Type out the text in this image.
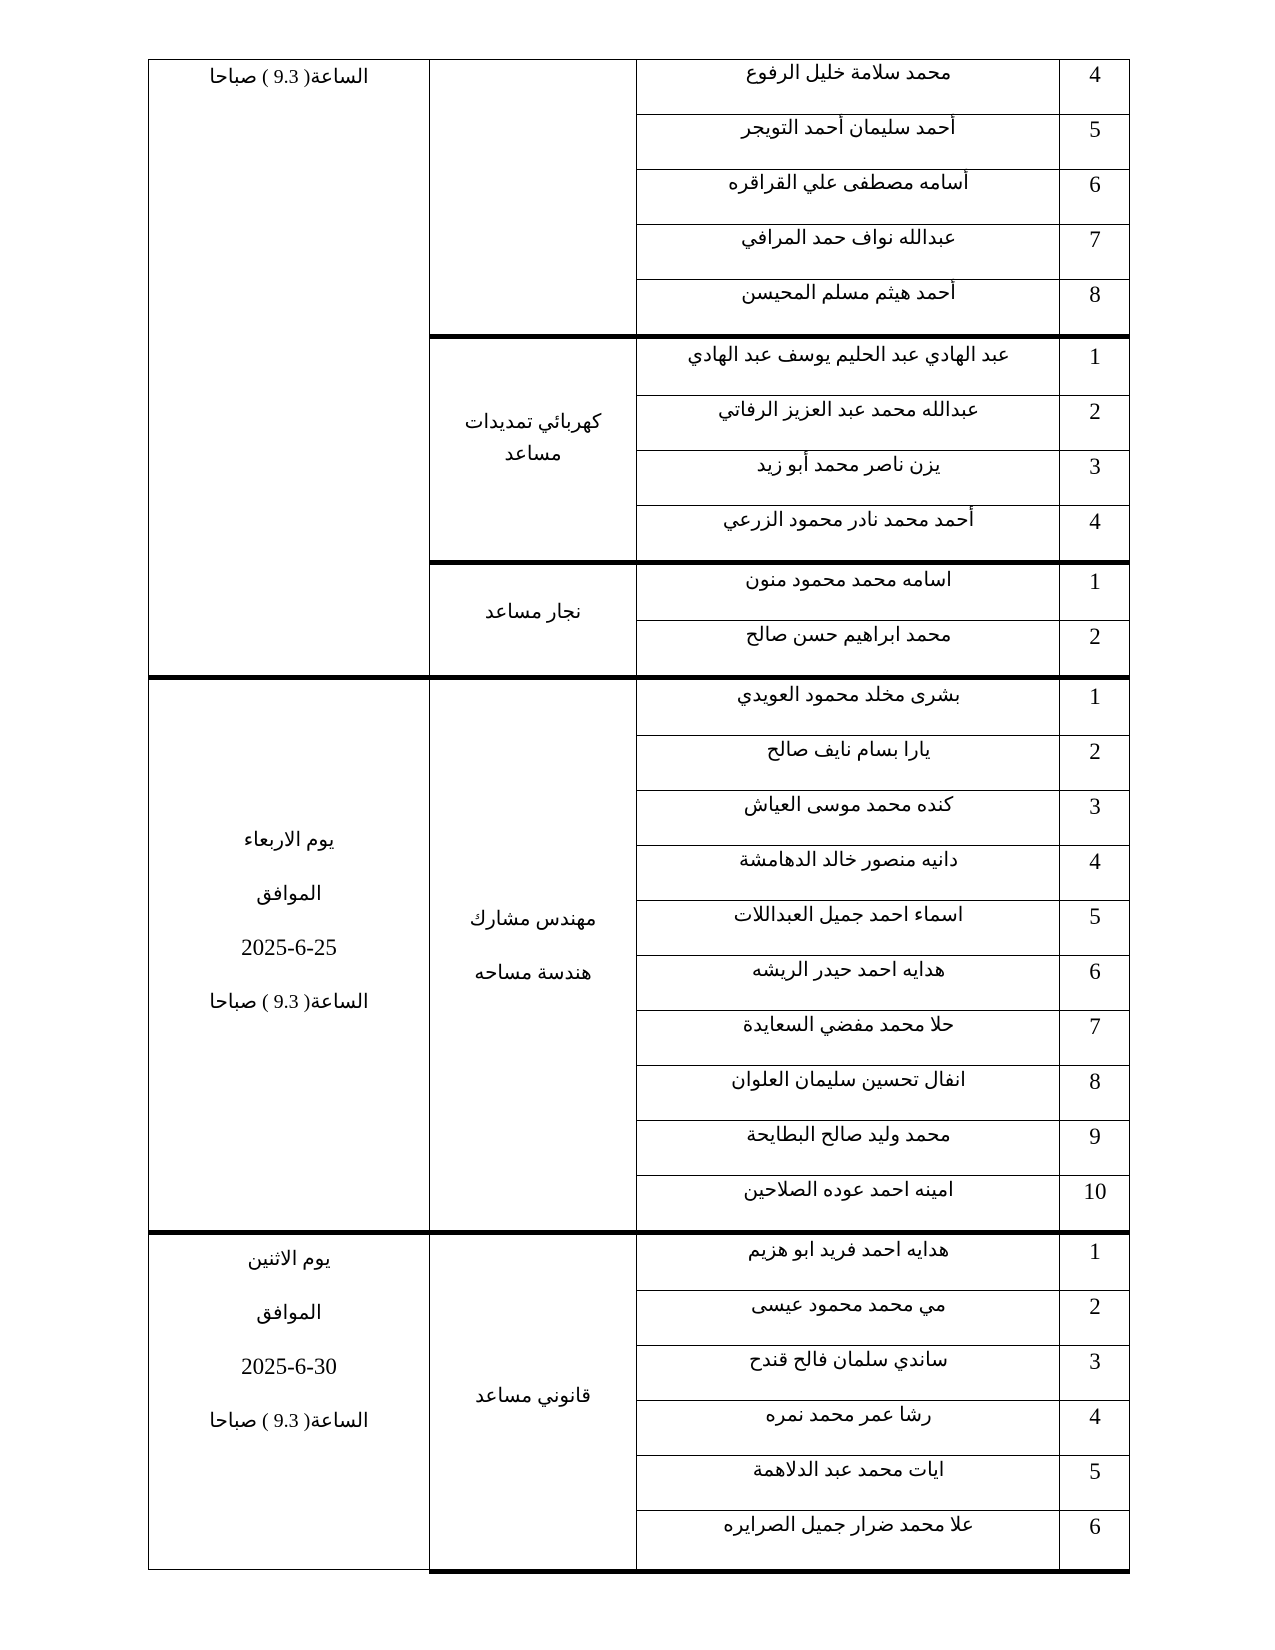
الساعة( 9.3 ) صباحا	4
محمد سلامة خليل الرفوع
5
أحمد سليمان أحمد التويجر
6
أسامه مصطفى علي القراقره
7
عبدالله نواف حمد المرافي
8
أحمد هيثم مسلم المحيسن
كهربائي تمديدات
مساعد
1
عبد الهادي عبد الحليم يوسف عبد الهادي
2
عبدالله محمد عبد العزيز الرفاتي
3
يزن ناصر محمد أبو زيد
4
أحمد محمد نادر محمود الزرعي
نجار مساعد
1
اسامه محمد محمود منون
2
محمد ابراهيم حسن صالح
يوم الاربعاء
الموافق
2025-6-25
الساعة( 9.3 ) صباحا
مهندس مشارك
هندسة مساحه
1
بشرى مخلد محمود العويدي
2
يارا بسام نايف صالح
3
كنده محمد موسى العياش
4
دانيه منصور خالد الدهامشة
5
اسماء احمد جميل العبداللات
6
هدايه احمد حيدر الريشه
7
حلا محمد مفضي السعايدة
8
انفال تحسين سليمان العلوان
9
محمد وليد صالح البطايحة
10
امينه احمد عوده الصلاحين
يوم الاثنين
الموافق
2025-6-30
الساعة( 9.3 ) صباحا
قانوني مساعد
1
هدايه احمد فريد ابو هزيم
2
مي محمد محمود عيسى
3
ساندي سلمان فالح قندح
4
رشا عمر محمد نمره
5
ايات محمد عبد الدلاهمة
6
علا محمد ضرار جميل الصرايره
